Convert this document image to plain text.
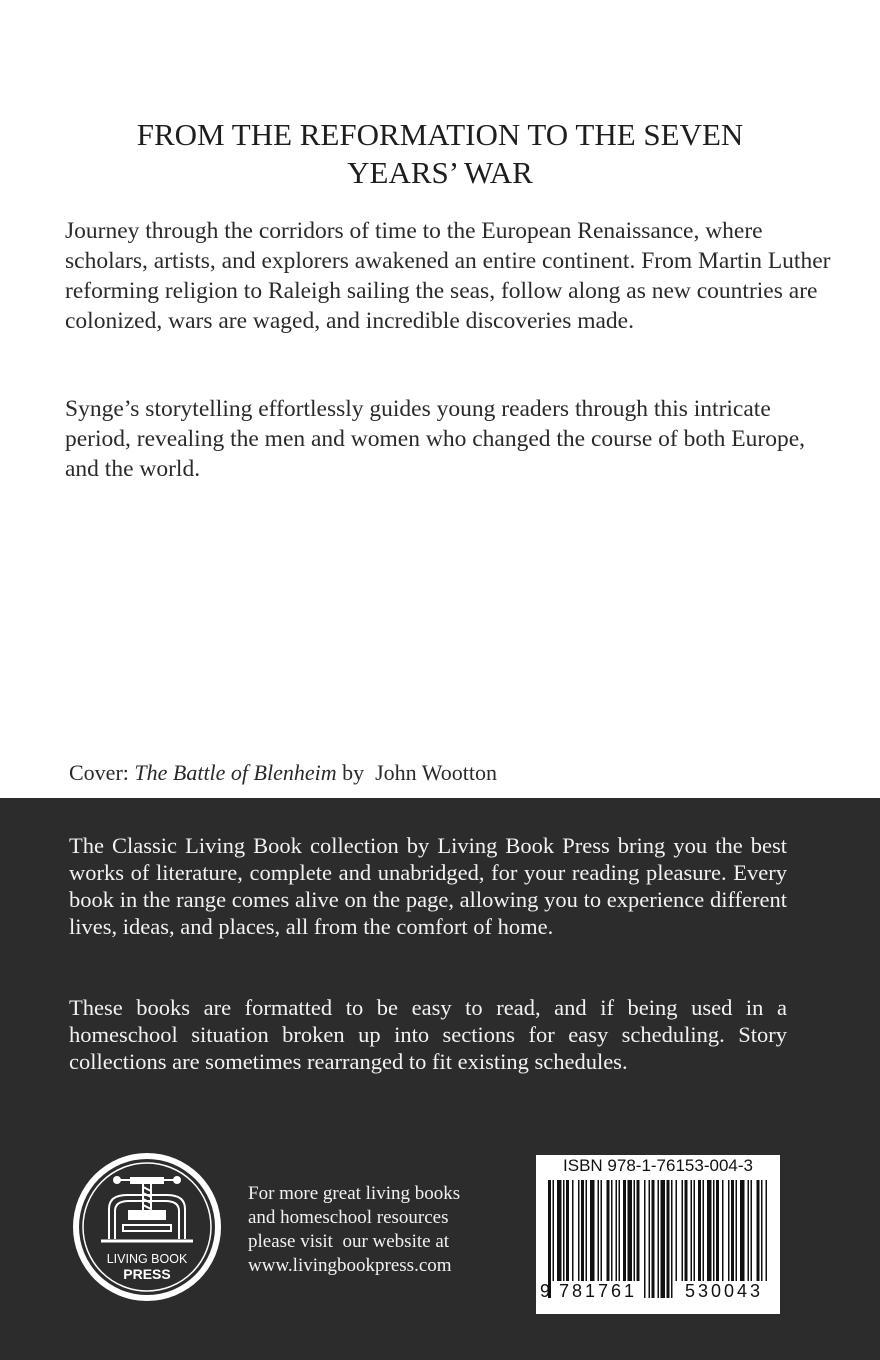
FROM THE REFORMATION TO THE SEVEN
YEARS’ WAR

Journey through the corridors of time to the European Renaissance, where scholars, artists, and explorers awakened an entire continent. From Martin Luther reforming religion to Raleigh sailing the seas, follow along as new countries are colonized, wars are waged, and incredible discoveries made.

Synge’s storytelling effortlessly guides young readers through this intricate period, revealing the men and women who changed the course of both Europe, and the world.

Cover: The Battle of Blenheim by  John Wootton

The Classic Living Book collection by Living Book Press bring you the best works of literature, complete and unabridged, for your reading pleasure. Every book in the range comes alive on the page, allowing you to experience different lives, ideas, and places, all from the comfort of home.

These books are formatted to be easy to read, and if being used in a homeschool situation broken up into sections for easy scheduling. Story collections are sometimes rearranged to fit existing schedules.

LIVING BOOK
PRESS

For more great living books
and homeschool resources
please visit  our website at
www.livingbookpress.com

ISBN 978-1-76153-004-3
9 781761	530043
